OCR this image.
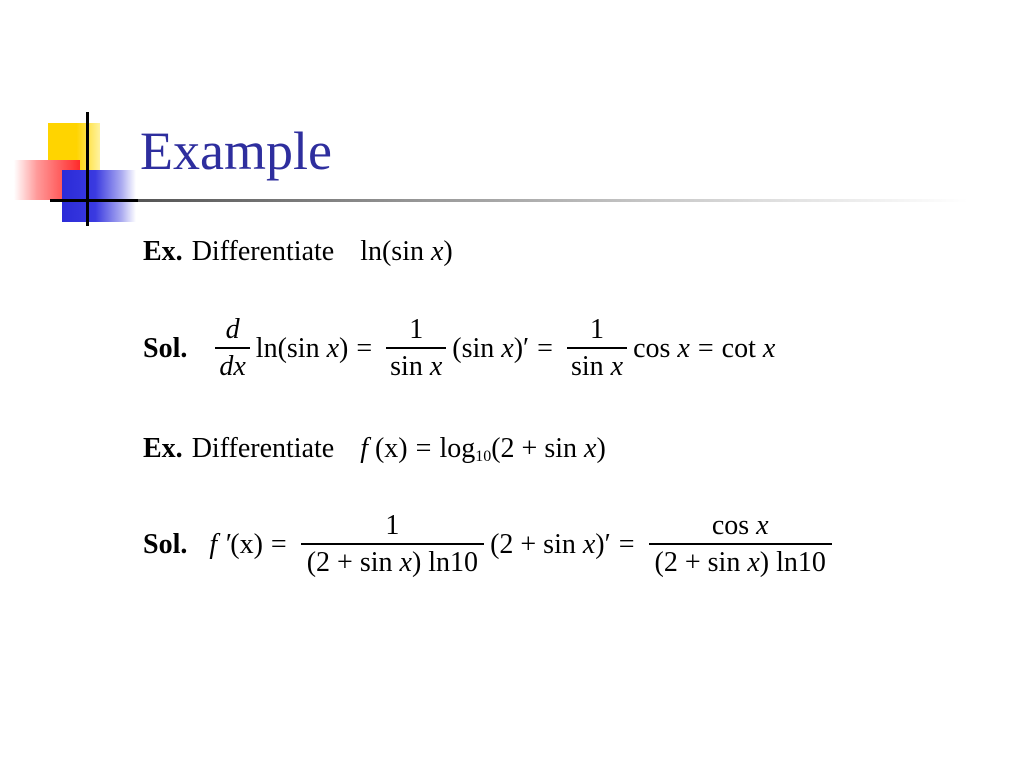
Example
Ex. Differentiate ln(sin x )
Sol. $\frac{d}{dx} \ln(\sin$
x ) = $\frac{1}{\text{sin x}} (\sin$
x )′ = $\frac{1}{\text{sin x}}$ cos
x = cot
x
Ex. Differentiate f
(x) = log 10 (2 + sin
x )
Sol. f ′ $(x) = \frac{1}{\text{(2 + sin x) ln10}} (2 + \sin$
x )′ = $\frac{\text{cos x}}{\text{(2 + sin x) ln10}}$
